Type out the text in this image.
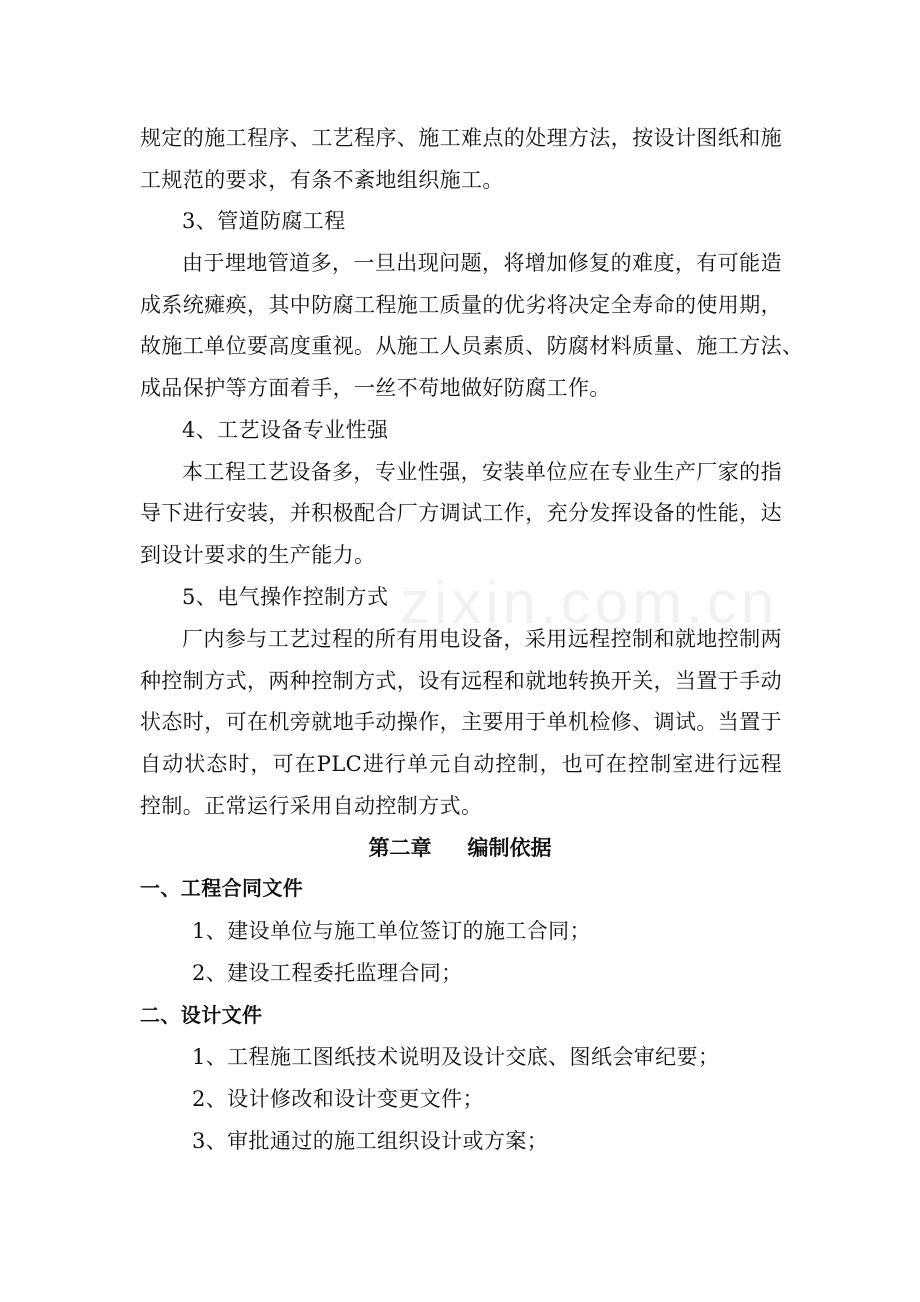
zixin.com.cn
规定的施工程序、工艺程序、施工难点的处理方法，按设计图纸和施
工规范的要求，有条不紊地组织施工。
3、管道防腐工程
由于埋地管道多，一旦出现问题，将增加修复的难度，有可能造
成系统瘫痪，其中防腐工程施工质量的优劣将决定全寿命的使用期，
故施工单位要高度重视。从施工人员素质、防腐材料质量、施工方法、
成品保护等方面着手，一丝不苟地做好防腐工作。
4、工艺设备专业性强
本工程工艺设备多，专业性强，安装单位应在专业生产厂家的指
导下进行安装，并积极配合厂方调试工作，充分发挥设备的性能，达
到设计要求的生产能力。
5、电气操作控制方式
厂内参与工艺过程的所有用电设备，采用远程控制和就地控制两
种控制方式，两种控制方式，设有远程和就地转换开关，当置于手动
状态时，可在机旁就地手动操作，主要用于单机检修、调试。当置于
自动状态时，可在PLC进行单元自动控制，也可在控制室进行远程
控制。正常运行采用自动控制方式。
第二章 编制依据
一、工程合同文件
1、建设单位与施工单位签订的施工合同；
2、建设工程委托监理合同；
二、设计文件
1、工程施工图纸技术说明及设计交底、图纸会审纪要；
2、设计修改和设计变更文件；
3、审批通过的施工组织设计或方案；
